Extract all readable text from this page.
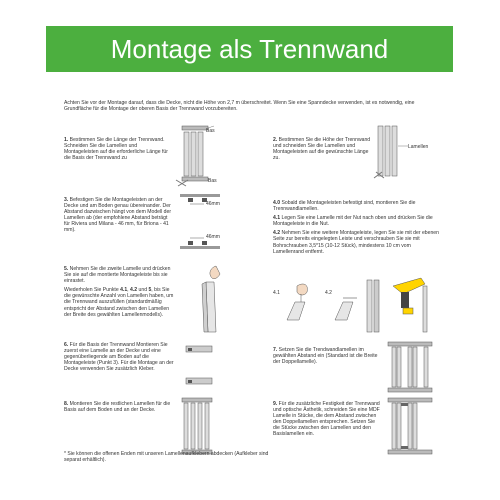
Montage als Trennwand
Achten Sie vor der Montage darauf, dass die Decke, nicht die Höhe von 2,7 m überschreitet. Wenn Sie eine Spanndecke verwenden, ist es notwendig, eine Grundfläche für die Montage der oberen Basis der Trennwand vorzubereiten.

1. Bestimmen Sie die Länge der Trennwand. Schneiden Sie die Lamellen und Montageleisten auf die erforderliche Länge für die Basis der Trennwand zu

Bas
Bas

2. Bestimmen Sie die Höhe der Trennwand und schneiden Sie die Lamellen und Montageleisten auf die gewünschte Länge zu.

Lamellen

3. Befestigen Sie die Montageleisten an der Decke und am Boden genau übereinander. Der Abstand dazwischen hängt von dem Modell der Lamellen ab (der empfohlene Abstand beträgt für Riviera und Milana - 46 mm, für Briona - 41 mm).

46mm
46mm

4.0 Sobald die Montageleisten befestigt sind, montieren Sie die Trennwandlamellen.

4.1 Legen Sie eine Lamelle mit der Nut nach oben und drücken Sie die Montageleiste in die Nut.

4.2 Nehmen Sie eine weitere Montageleiste, legen Sie sie mit der ebenen Seite zur bereits eingelegten Leiste und verschrauben Sie sie mit Bohrschrauben 3,5*15 (10-12 Stück), mindestens 10 cm vom Lamellenrand entfernt.

5. Nehmen Sie die zweite Lamelle und drücken Sie sie auf die montierte Montageleiste bis sie einrastet.

Wiederholen Sie Punkte 4.1, 4.2 und 5, bis Sie die gewünschte Anzahl von Lamellen haben, um die Trennwand auszufüllen (standardmäßig entspricht der Abstand zwischen den Lamellen der Breite des gewählten Lamellenmodells).

4.1	4.2

6. Für die Basis der Trennwand Montieren Sie zuerst eine Lamelle an der Decke und eine gegenüberliegende am Boden auf die Montageleiste (Punkt 3). Für die Montage an der Decke verwenden Sie zusätzlich Kleber.

7. Setzen Sie die Trendwandlamellen im gewählten Abstand ein (Standard ist die Breite der Doppellamelle).

8. Montieren Sie die restlichen Lamellen für die Basis auf dem Boden und an der Decke.

9. Für die zusätzliche Festigkeit der Trennwand und optische Ästhetik, schneiden Sie eine MDF Lamelle in Stücke, die dem Abstand zwischen den Doppellamellen entsprechen. Setzen Sie die Stücke zwischen den Lamellen und den Basislamellen ein.

* Sie können die offenen Enden mit unseren Lamellenaufklebern abdecken (Aufkleber sind separat erhältlich).
